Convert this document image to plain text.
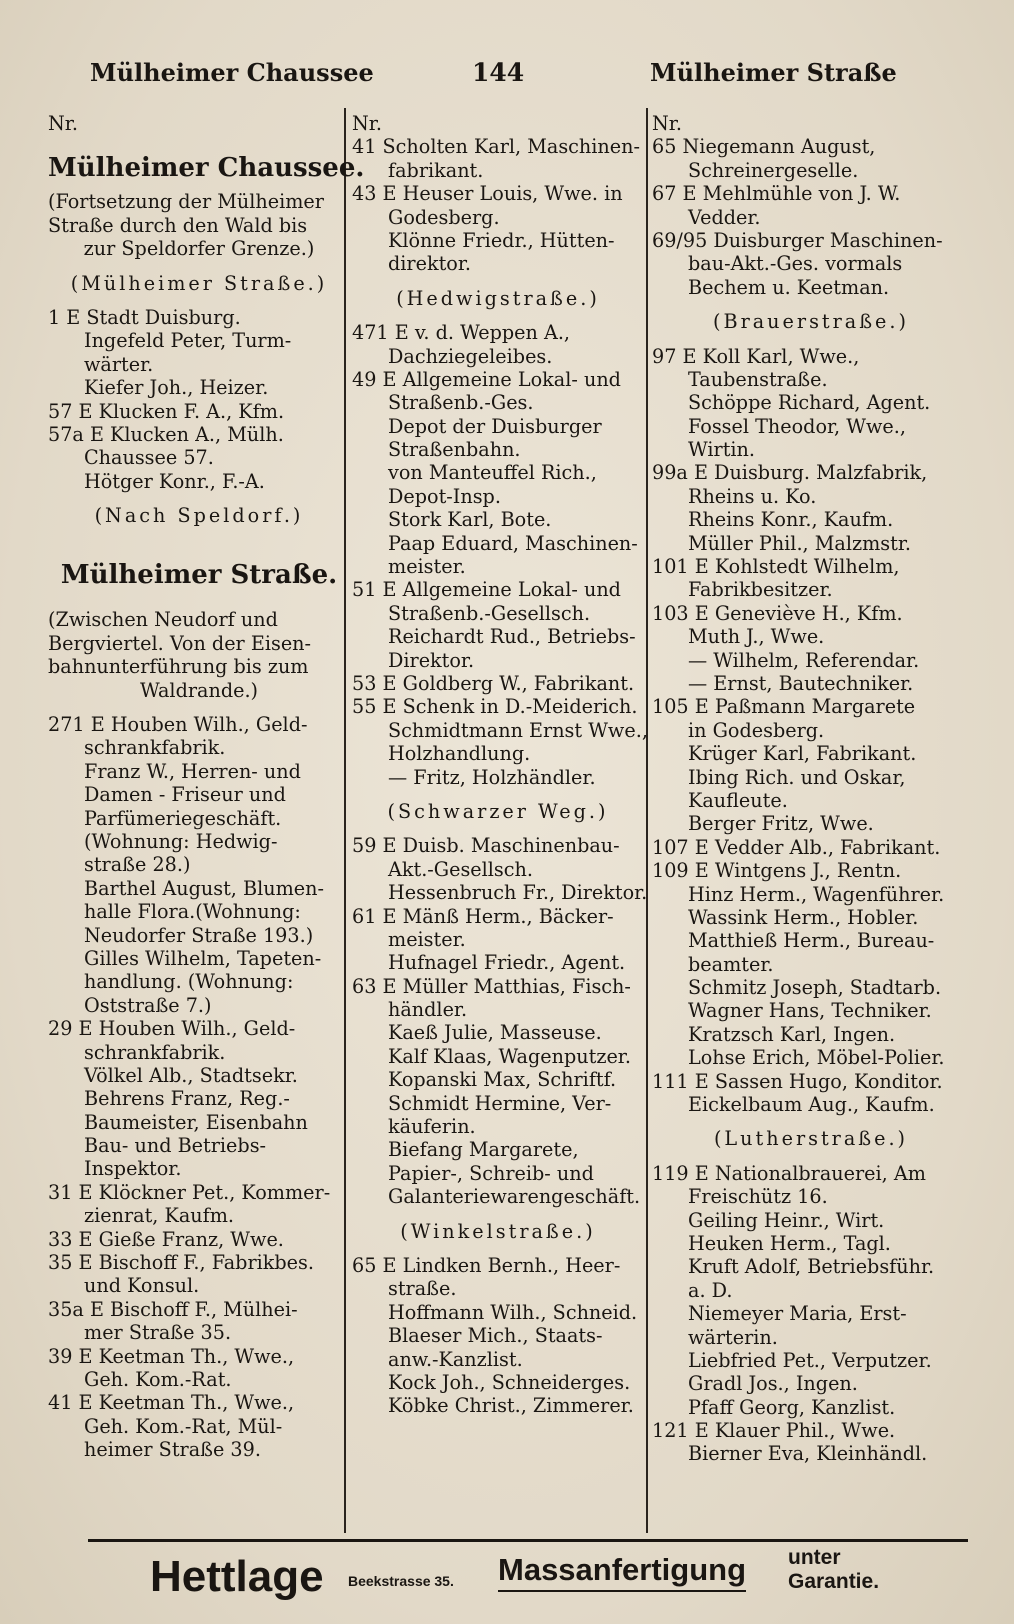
Mülheimer Chaussee	144	Mülheimer Straße
Nr.
Mülheimer Chaussee.
(Fortsetzung der Mülheimer
Straße durch den Wald bis
zur Speldorfer Grenze.)
(Mülheimer Straße.)
1 E Stadt Duisburg.
Ingefeld Peter, Turm-
wärter.
Kiefer Joh., Heizer.
57 E Klucken F. A., Kfm.
57a E Klucken A., Mülh.
Chaussee 57.
Hötger Konr., F.-A.
(Nach Speldorf.)
Mülheimer Straße.
(Zwischen Neudorf und
Bergviertel. Von der Eisen-
bahnunterführung bis zum
Waldrande.)
271 E Houben Wilh., Geld-
schrankfabrik.
Franz W., Herren- und
Damen - Friseur und
Parfümeriegeschäft.
(Wohnung: Hedwig-
straße 28.)
Barthel August, Blumen-
halle Flora.(Wohnung:
Neudorfer Straße 193.)
Gilles Wilhelm, Tapeten-
handlung. (Wohnung:
Oststraße 7.)
29 E Houben Wilh., Geld-
schrankfabrik.
Völkel Alb., Stadtsekr.
Behrens Franz, Reg.-
Baumeister, Eisenbahn
Bau- und Betriebs-
Inspektor.
31 E Klöckner Pet., Kommer-
zienrat, Kaufm.
33 E Gieße Franz, Wwe.
35 E Bischoff F., Fabrikbes.
und Konsul.
35a E Bischoff F., Mülhei-
mer Straße 35.
39 E Keetman Th., Wwe.,
Geh. Kom.-Rat.
41 E Keetman Th., Wwe.,
Geh. Kom.-Rat, Mül-
heimer Straße 39.
Nr.
41 Scholten Karl, Maschinen-
fabrikant.
43 E Heuser Louis, Wwe. in
Godesberg.
Klönne Friedr., Hütten-
direktor.
(Hedwigstraße.)
471 E v. d. Weppen A.,
Dachziegeleibes.
49 E Allgemeine Lokal- und
Straßenb.-Ges.
Depot der Duisburger
Straßenbahn.
von Manteuffel Rich.,
Depot-Insp.
Stork Karl, Bote.
Paap Eduard, Maschinen-
meister.
51 E Allgemeine Lokal- und
Straßenb.-Gesellsch.
Reichardt Rud., Betriebs-
Direktor.
53 E Goldberg W., Fabrikant.
55 E Schenk in D.-Meiderich.
Schmidtmann Ernst Wwe.,
Holzhandlung.
— Fritz, Holzhändler.
(Schwarzer Weg.)
59 E Duisb. Maschinenbau-
Akt.-Gesellsch.
Hessenbruch Fr., Direktor.
61 E Mänß Herm., Bäcker-
meister.
Hufnagel Friedr., Agent.
63 E Müller Matthias, Fisch-
händler.
Kaeß Julie, Masseuse.
Kalf Klaas, Wagenputzer.
Kopanski Max, Schriftf.
Schmidt Hermine, Ver-
käuferin.
Biefang Margarete,
Papier-, Schreib- und
Galanteriewarengeschäft.
(Winkelstraße.)
65 E Lindken Bernh., Heer-
straße.
Hoffmann Wilh., Schneid.
Blaeser Mich., Staats-
anw.-Kanzlist.
Kock Joh., Schneiderges.
Köbke Christ., Zimmerer.
Nr.
65 Niegemann August,
Schreinergeselle.
67 E Mehlmühle von J. W.
Vedder.
69/95 Duisburger Maschinen-
bau-Akt.-Ges. vormals
Bechem u. Keetman.
(Brauerstraße.)
97 E Koll Karl, Wwe.,
Taubenstraße.
Schöppe Richard, Agent.
Fossel Theodor, Wwe.,
Wirtin.
99a E Duisburg. Malzfabrik,
Rheins u. Ko.
Rheins Konr., Kaufm.
Müller Phil., Malzmstr.
101 E Kohlstedt Wilhelm,
Fabrikbesitzer.
103 E Geneviève H., Kfm.
Muth J., Wwe.
— Wilhelm, Referendar.
— Ernst, Bautechniker.
105 E Paßmann Margarete
in Godesberg.
Krüger Karl, Fabrikant.
Ibing Rich. und Oskar,
Kaufleute.
Berger Fritz, Wwe.
107 E Vedder Alb., Fabrikant.
109 E Wintgens J., Rentn.
Hinz Herm., Wagenführer.
Wassink Herm., Hobler.
Matthieß Herm., Bureau-
beamter.
Schmitz Joseph, Stadtarb.
Wagner Hans, Techniker.
Kratzsch Karl, Ingen.
Lohse Erich, Möbel-Polier.
111 E Sassen Hugo, Konditor.
Eickelbaum Aug., Kaufm.
(Lutherstraße.)
119 E Nationalbrauerei, Am
Freischütz 16.
Geiling Heinr., Wirt.
Heuken Herm., Tagl.
Kruft Adolf, Betriebsführ.
a. D.
Niemeyer Maria, Erst-
wärterin.
Liebfried Pet., Verputzer.
Gradl Jos., Ingen.
Pfaff Georg, Kanzlist.
121 E Klauer Phil., Wwe.
Bierner Eva, Kleinhändl.
Hettlage Beekstrasse 35. Massanfertigung unter
Garantie.
